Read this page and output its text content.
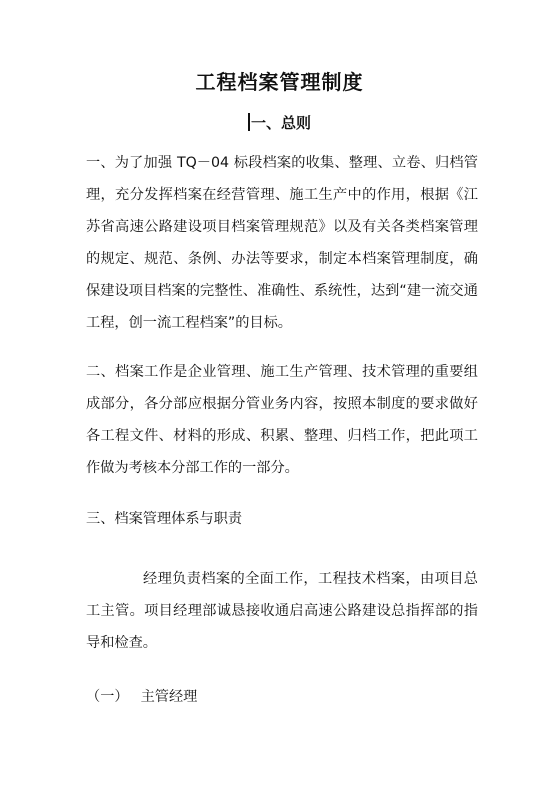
工程档案管理制度
一、总则

一、为了加强 TQ－04 标段档案的收集、整理、立卷、归档管理，充分发挥档案在经营管理、施工生产中的作用，根据《江苏省高速公路建设项目档案管理规范》以及有关各类档案管理的规定、规范、条例、办法等要求，制定本档案管理制度，确保建设项目档案的完整性、准确性、系统性，达到“建一流交通工程，创一流工程档案”的目标。

二、档案工作是企业管理、施工生产管理、技术管理的重要组成部分，各分部应根据分管业务内容，按照本制度的要求做好各工程文件、材料的形成、积累、整理、归档工作，把此项工作做为考核本分部工作的一部分。

三、档案管理体系与职责

经理负责档案的全面工作，工程技术档案，由项目总工主管。项目经理部诚恳接收通启高速公路建设总指挥部的指导和检查。

（一） 主管经理
